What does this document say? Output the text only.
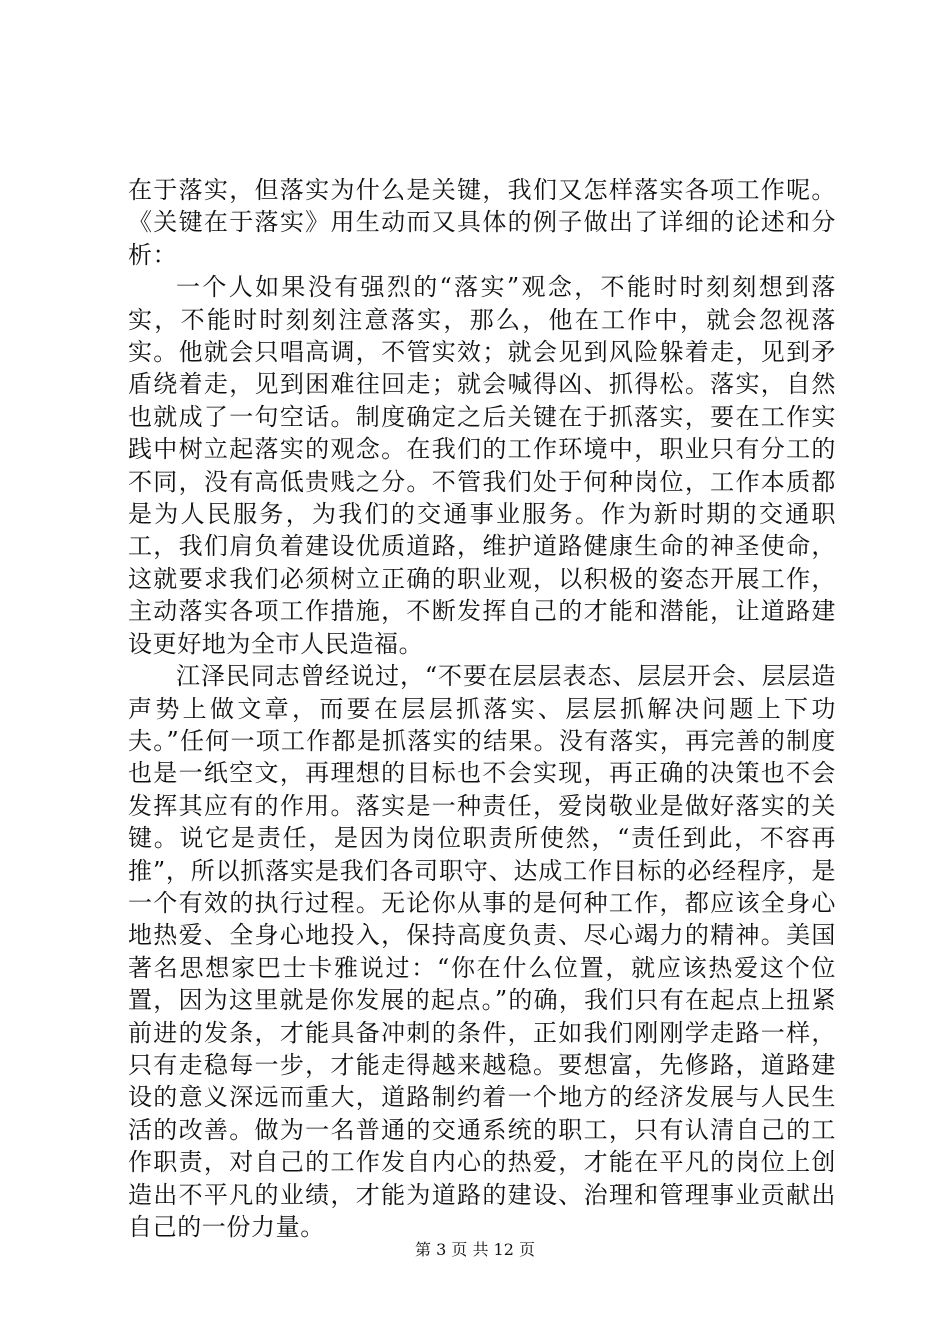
在于落实，但落实为什么是关键，我们又怎样落实各项工作呢。《关键在于落实》用生动而又具体的例子做出了详细的论述和分析：

一个人如果没有强烈的“落实”观念，不能时时刻刻想到落实，不能时时刻刻注意落实，那么，他在工作中，就会忽视落实。他就会只唱高调，不管实效；就会见到风险躲着走，见到矛盾绕着走，见到困难往回走；就会喊得凶、抓得松。落实，自然也就成了一句空话。制度确定之后关键在于抓落实，要在工作实践中树立起落实的观念。在我们的工作环境中，职业只有分工的不同，没有高低贵贱之分。不管我们处于何种岗位，工作本质都是为人民服务，为我们的交通事业服务。作为新时期的交通职工，我们肩负着建设优质道路，维护道路健康生命的神圣使命，这就要求我们必须树立正确的职业观，以积极的姿态开展工作，主动落实各项工作措施，不断发挥自己的才能和潜能，让道路建设更好地为全市人民造福。

江泽民同志曾经说过，“不要在层层表态、层层开会、层层造声势上做文章，而要在层层抓落实、层层抓解决问题上下功夫。”任何一项工作都是抓落实的结果。没有落实，再完善的制度也是一纸空文，再理想的目标也不会实现，再正确的决策也不会发挥其应有的作用。落实是一种责任，爱岗敬业是做好落实的关键。说它是责任，是因为岗位职责所使然，“责任到此，不容再推”，所以抓落实是我们各司职守、达成工作目标的必经程序，是一个有效的执行过程。无论你从事的是何种工作，都应该全身心地热爱、全身心地投入，保持高度负责、尽心竭力的精神。美国著名思想家巴士卡雅说过：“你在什么位置，就应该热爱这个位置，因为这里就是你发展的起点。”的确，我们只有在起点上扭紧前进的发条，才能具备冲刺的条件，正如我们刚刚学走路一样，只有走稳每一步，才能走得越来越稳。要想富，先修路，道路建设的意义深远而重大，道路制约着一个地方的经济发展与人民生活的改善。做为一名普通的交通系统的职工，只有认清自己的工作职责，对自己的工作发自内心的热爱，才能在平凡的岗位上创造出不平凡的业绩，才能为道路的建设、治理和管理事业贡献出自己的一份力量。

第 3 页 共 12 页
